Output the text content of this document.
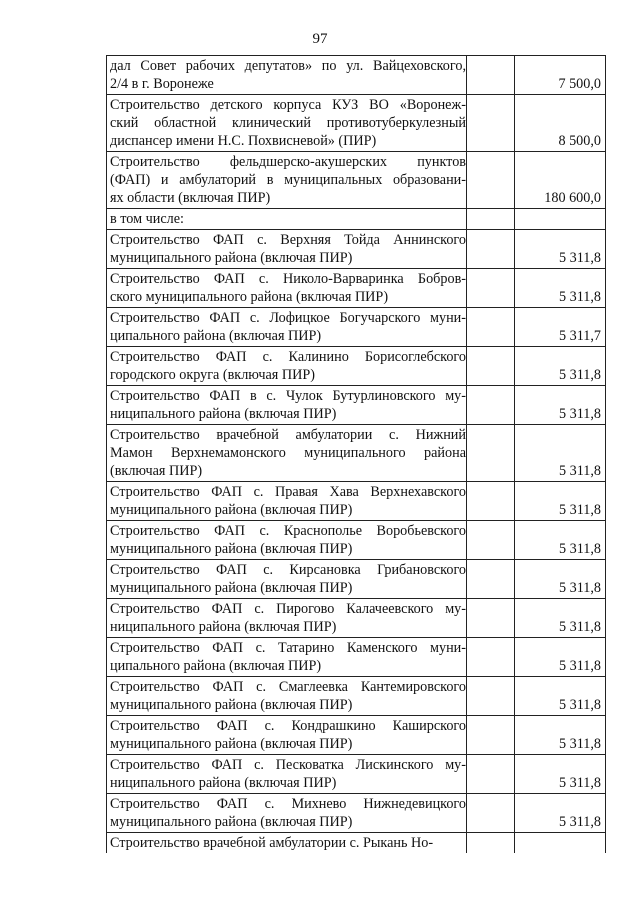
97
дал Совет рабочих депутатов» по ул. Вайцеховского,
2/4 в г. Воронеже		7 500,0

Строительство детского корпуса КУЗ ВО «Воронеж-
ский областной клинический противотуберкулезный
диспансер имени Н.С. Похвисневой» (ПИР)		8 500,0

Строительство фельдшерско-акушерских пунктов
(ФАП) и амбулаторий в муниципальных образовани-
ях области (включая ПИР)		180 600,0

в том числе:		

Строительство ФАП с. Верхняя Тойда Аннинского
муниципального района (включая ПИР)		5 311,8

Строительство ФАП с. Николо-Варваринка Бобров-
ского муниципального района (включая ПИР)		5 311,8

Строительство ФАП с. Лофицкое Богучарского муни-
ципального района (включая ПИР)		5 311,7

Строительство ФАП с. Калинино Борисоглебского
городского округа (включая ПИР)		5 311,8

Строительство ФАП в с. Чулок Бутурлиновского му-
ниципального района (включая ПИР)		5 311,8

Строительство врачебной амбулатории с. Нижний
Мамон Верхнемамонского муниципального района
(включая ПИР)		5 311,8

Строительство ФАП с. Правая Хава Верхнехавского
муниципального района (включая ПИР)		5 311,8

Строительство ФАП с. Краснополье Воробьевского
муниципального района (включая ПИР)		5 311,8

Строительство ФАП с. Кирсановка Грибановского
муниципального района (включая ПИР)		5 311,8

Строительство ФАП с. Пирогово Калачеевского му-
ниципального района (включая ПИР)		5 311,8

Строительство ФАП с. Татарино Каменского муни-
ципального района (включая ПИР)		5 311,8

Строительство ФАП с. Смаглеевка Кантемировского
муниципального района (включая ПИР)		5 311,8

Строительство ФАП с. Кондрашкино Каширского
муниципального района (включая ПИР)		5 311,8

Строительство ФАП с. Песковатка Лискинского му-
ниципального района (включая ПИР)		5 311,8

Строительство ФАП с. Михнево Нижнедевицкого
муниципального района (включая ПИР)		5 311,8

Строительство врачебной амбулатории с. Рыкань Но-		
